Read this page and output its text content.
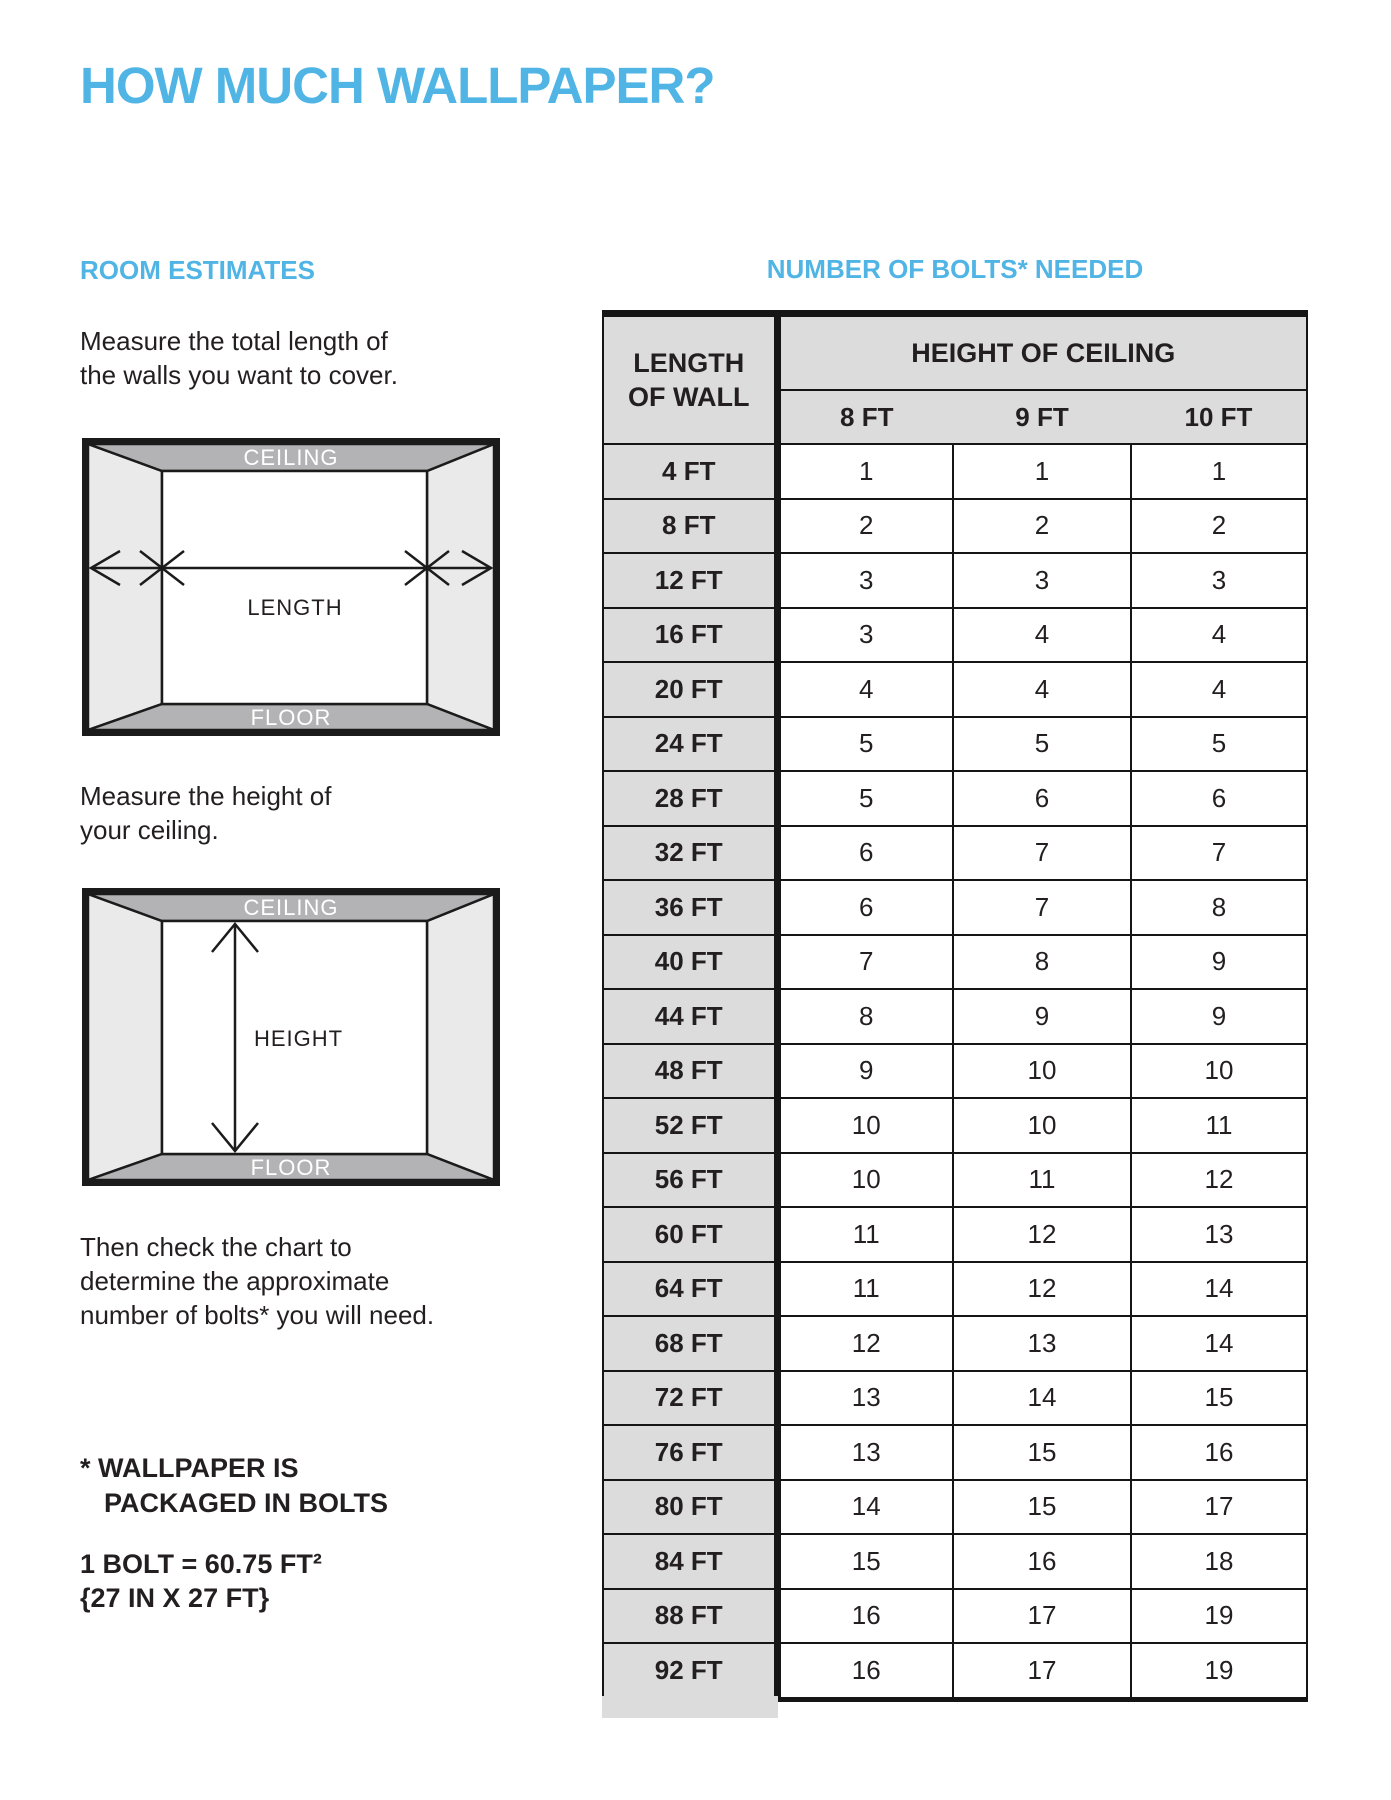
HOW MUCH WALLPAPER?
ROOM ESTIMATES

Measure the total length of
the walls you want to cover.

CEILING
LENGTH
FLOOR

Measure the height of
your ceiling.

CEILING
HEIGHT
FLOOR

Then check the chart to
determine the approximate
number of bolts* you will need.

* WALLPAPER IS
PACKAGED IN BOLTS

1 BOLT = 60.75 FT²
{27 IN X 27 FT}

NUMBER OF BOLTS* NEEDED
LENGTH
OF WALL	HEIGHT OF CEILING		
	8 FT	9 FT	10 FT
4 FT	1	1	1
8 FT	2	2	2
12 FT	3	3	3
16 FT	3	4	4
20 FT	4	4	4
24 FT	5	5	5
28 FT	5	6	6
32 FT	6	7	7
36 FT	6	7	8
40 FT	7	8	9
44 FT	8	9	9
48 FT	9	10	10
52 FT	10	10	11
56 FT	10	11	12
60 FT	11	12	13
64 FT	11	12	14
68 FT	12	13	14
72 FT	13	14	15
76 FT	13	15	16
80 FT	14	15	17
84 FT	15	16	18
88 FT	16	17	19
92 FT	16	17	19
